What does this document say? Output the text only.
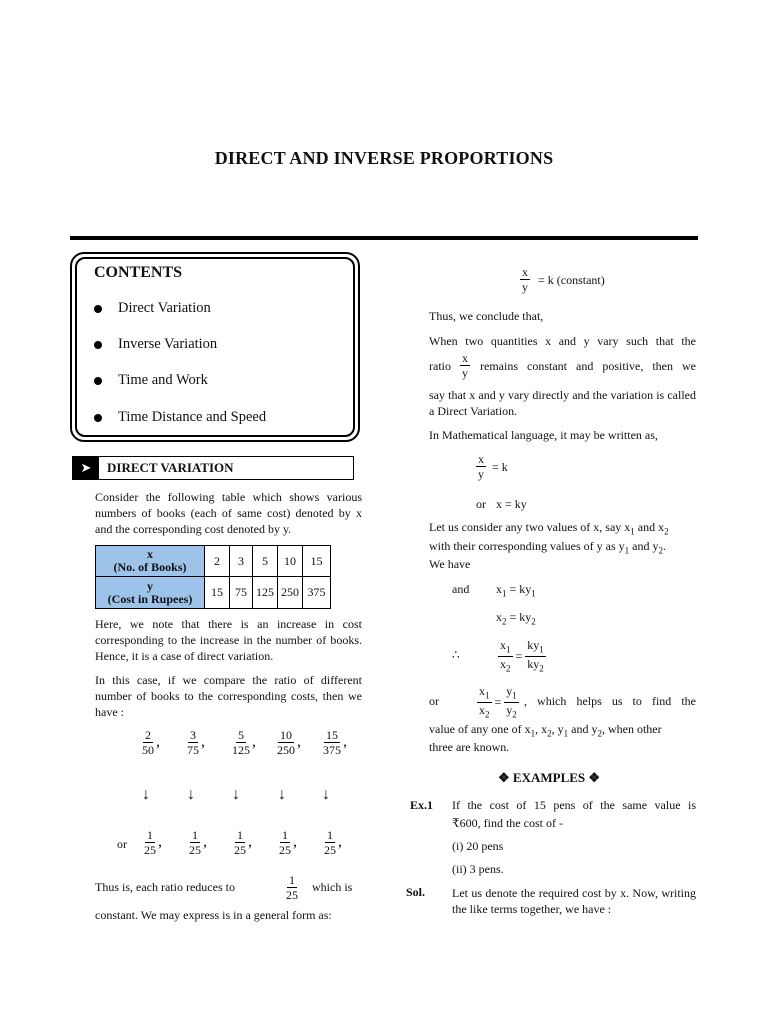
DIRECT AND INVERSE PROPORTIONS
CONTENTS
Direct Variation
Inverse Variation
Time and Work
Time Distance and Speed
➤	DIRECT VARIATION
Consider the following table which shows various numbers of books (each of same cost) denoted by x and the corresponding cost denoted by y.
x
(No. of Books)	2	3	5	10	15

y
(Cost in Rupees)	15	75	125	250	375
Here, we note that there is an increase in cost corresponding to the increase in the number of books. Hence, it is a case of direct variation.
In this case, if we compare the ratio of different number of books to the corresponding costs, then we have :
$\frac{2}{50}$ ,	$\frac{3}{75}$ ,	$\frac{5}{125}$ ,	$\frac{10}{250}$ ,	$\frac{15}{375}$ ,
↓ ↓ ↓ ↓ ↓
or $\frac{1}{25}$ ,	$\frac{1}{25}$ ,	$\frac{1}{25}$ ,	$\frac{1}{25}$ ,	$\frac{1}{25}$ ,
Thus is, each ratio reduces to	$\frac{1}{25}$ which is
constant. We may express is in a general form as:
$\frac{x}{y} = k$ (constant)
Thus, we conclude that,
When two quantities x and y vary such that the
ratio $\frac{x}{y}$ remains constant and positive, then we
say that x and y vary directly and the variation is called a Direct Variation.
In Mathematical language, it may be written as,
$\frac{x}{y} = k$
or x = ky
Let us consider any two values of x, say $x_1$ and $x_2$
with their corresponding values of y as $y_1$ and $y_2$.
We have
and $x_1 = ky_1$
$x_2 = ky_2$
∴	$\frac{x_1}{x_2} = \frac{ky_1}{ky_2}$
or	$\frac{x_1}{x_2} = \frac{y_1}{y_2}$ , which helps us to find the
value of any one of $x_1$, $x_2$, $y_1$ and $y_2$, when other
three are known.
❖ EXAMPLES ❖
Ex.1 If the cost of 15 pens of the same value is
₹600, find the cost of -
(i) 20 pens
(ii) 3 pens.
Sol. Let us denote the required cost by x. Now, writing the like terms together, we have :
